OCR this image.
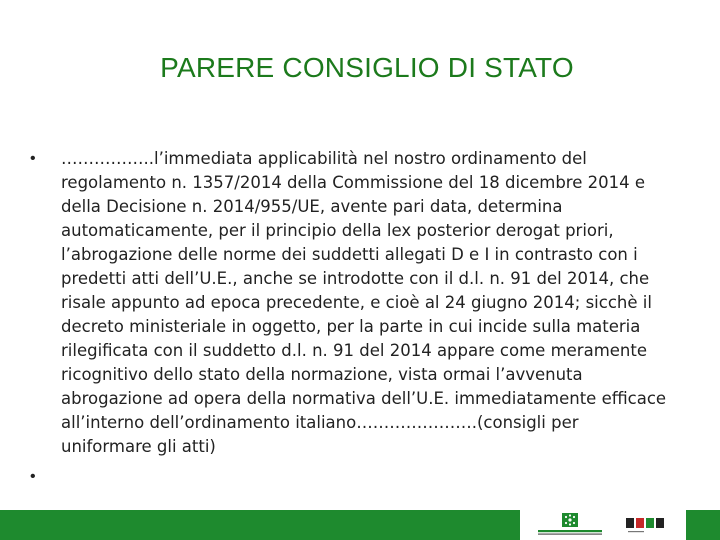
PARERE CONSIGLIO DI STATO
• ……………..l’immediata applicabilità nel nostro ordinamento del regolamento n. 1357/2014 della Commissione del 18 dicembre 2014 e della Decisione n. 2014/955/UE, avente pari data, determina automaticamente, per il principio della lex posterior derogat priori, l’abrogazione delle norme dei suddetti allegati D e I in contrasto con i predetti atti dell’U.E., anche se introdotte con il d.l. n. 91 del 2014, che risale appunto ad epoca precedente, e cioè al 24 giugno 2014; sicchè il decreto ministeriale in oggetto, per la parte in cui incide sulla materia rilegificata con il suddetto d.l. n. 91 del 2014 appare come meramente ricognitivo dello stato della normazione, vista ormai l’avvenuta abrogazione ad opera della normativa dell’U.E. immediatamente efficace all’interno dell’ordinamento italiano………………….(consigli per uniformare gli atti)
•
